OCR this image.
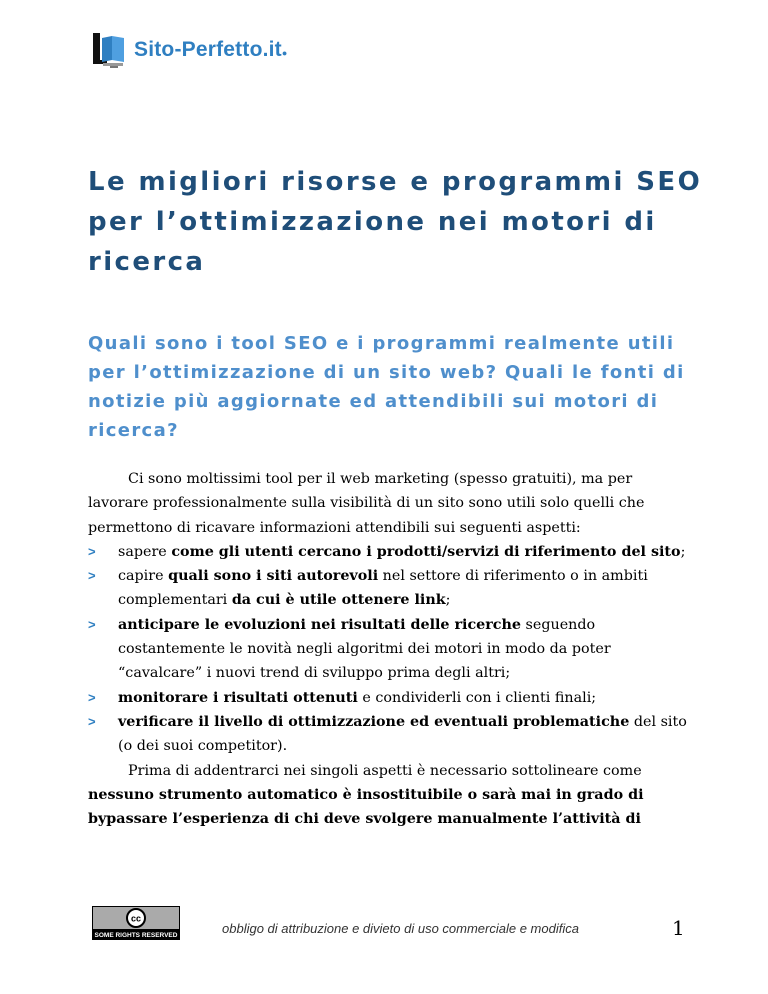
Sito-Perfetto.it●
Le migliori risorse e programmi SEO per l’ottimizzazione nei motori di ricerca
Quali sono i tool SEO e i programmi realmente utili per l’ottimizzazione di un sito web? Quali le fonti di notizie più aggiornate ed attendibili sui motori di ricerca?

Ci sono moltissimi tool per il web marketing (spesso gratuiti), ma per lavorare professionalmente sulla visibilità di un sito sono utili solo quelli che permettono di ricavare informazioni attendibili sui seguenti aspetti:

> sapere come gli utenti cercano i prodotti/servizi di riferimento del sito;
> capire quali sono i siti autorevoli nel settore di riferimento o in ambiti complementari da cui è utile ottenere link;
> anticipare le evoluzioni nei risultati delle ricerche seguendo costantemente le novità negli algoritmi dei motori in modo da poter “cavalcare” i nuovi trend di sviluppo prima degli altri;
> monitorare i risultati ottenuti e condividerli con i clienti finali;
> verificare il livello di ottimizzazione ed eventuali problematiche del sito (o dei suoi competitor).

Prima di addentrarci nei singoli aspetti è necessario sottolineare come nessuno strumento automatico è insostituibile o sarà mai in grado di bypassare l’esperienza di chi deve svolgere manualmente l’attività di

cc
SOME RIGHTS RESERVED	obbligo di attribuzione e divieto di uso commerciale e modifica	1
